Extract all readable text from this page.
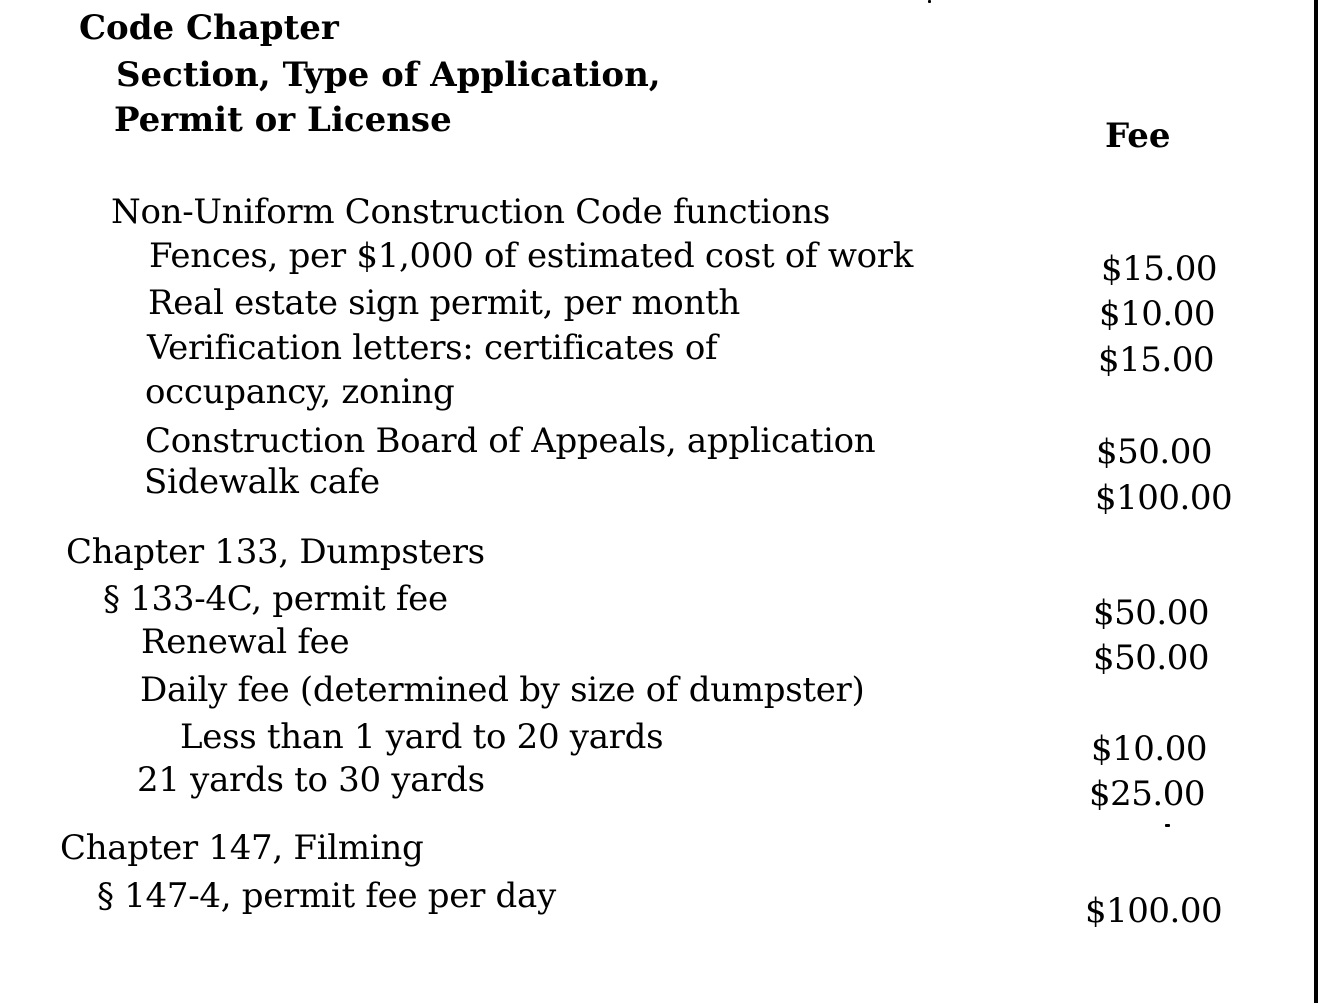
Code Chapter
Section, Type of Application,
Permit or License	Fee
Non-Uniform Construction Code functions
Fences, per $1,000 of estimated cost of work	$15.00
Real estate sign permit, per month	$10.00
Verification letters: certificates of	$15.00
occupancy, zoning
Construction Board of Appeals, application	$50.00
Sidewalk cafe	$100.00
Chapter 133, Dumpsters
§ 133-4C, permit fee	$50.00
Renewal fee	$50.00
Daily fee (determined by size of dumpster)
Less than 1 yard to 20 yards	$10.00
21 yards to 30 yards	$25.00
Chapter 147, Filming
§ 147-4, permit fee per day	$100.00
